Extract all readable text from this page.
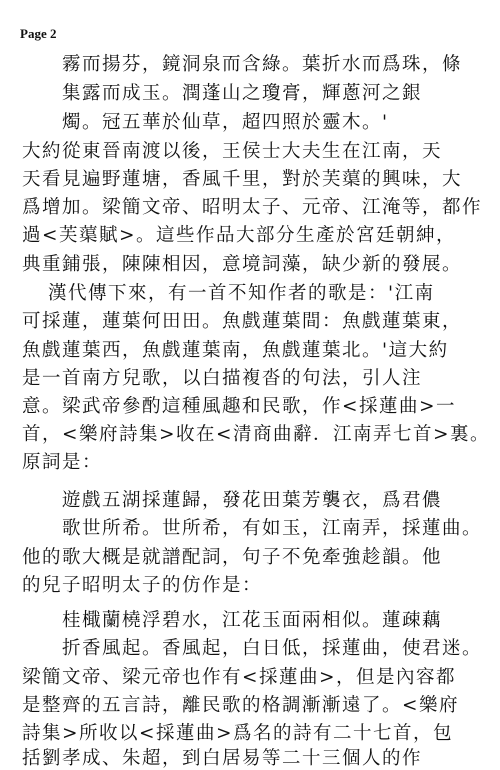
Page 2
霧而揚芬，鏡洞泉而含綠。葉折水而爲珠，條
集露而成玉。潤蓬山之瓊膏，輝蔥河之銀
燭。冠五華於仙草，超四照於靈木。'
大約從東晉南渡以後，王侯士大夫生在江南，天
天看見遍野蓮塘，香風千里，對於芙蕖的興味，大
爲增加。梁簡文帝、昭明太子、元帝、江淹等，都作
過<芙蕖賦>。這些作品大部分生產於宮廷朝紳，
典重鋪張，陳陳相因，意境詞藻，缺少新的發展。
漢代傳下來，有一首不知作者的歌是：'江南
可採蓮，蓮葉何田田。魚戲蓮葉間：魚戲蓮葉東，
魚戲蓮葉西，魚戲蓮葉南，魚戲蓮葉北。'這大約
是一首南方兒歌，以白描複沓的句法，引人注
意。梁武帝參酌這種風趣和民歌，作<採蓮曲>一
首，<樂府詩集>收在<清商曲辭．江南弄七首>裏。
原詞是：
遊戲五湖採蓮歸，發花田葉芳襲衣，爲君儂
歌世所希。世所希，有如玉，江南弄，採蓮曲。
他的歌大概是就譜配詞，句子不免牽強趁韻。他
的兒子昭明太子的仿作是：
桂檝蘭橈浮碧水，江花玉面兩相似。蓮疎藕
折香風起。香風起，白日低，採蓮曲，使君迷。
梁簡文帝、梁元帝也作有<採蓮曲>，但是內容都
是整齊的五言詩，離民歌的格調漸漸遠了。<樂府
詩集>所收以<採蓮曲>爲名的詩有二十七首，包
括劉孝成、朱超，到白居易等二十三個人的作
